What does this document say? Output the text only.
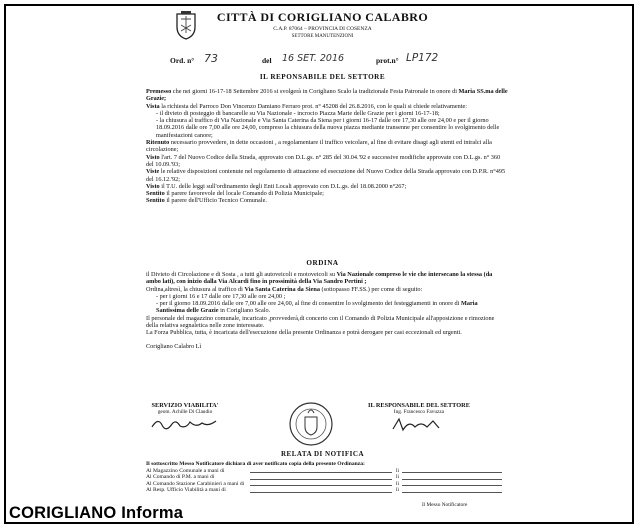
CITTÀ DI CORIGLIANO CALABRO
C.A.P. 87064 – PROVINCIA DI COSENZA
SETTORE MANUTENZIONI
Ord. n° 73	del 16 SET. 2016	prot.n° LP172
IL REPONSABILE DEL SETTORE

Premesso che nei giorni 16-17-18 Settembre 2016 si svolgerà in Corigliano Scalo la tradizionale Festa Patronale in onore di Maria SS.ma delle Grazie;

Vista la richiesta del Parroco Don Vincenzo Damiano Ferraro prot. n° 45208 del 26.8.2016, con le quali si chiede relativamente:

- il divieto di posteggio di bancarelle su Via Nazionale - incrocio Piazza Marie delle Grazie per i giorni 16-17-18;

- la chiusura al traffico di Via Nazionale e Via Santa Caterina da Siena per i giorni 16-17 dalle ore 17,30 alle ore 24,00 e per il giorno 18.09.2016 dalle ore 7,00 alle ore 24,00, compreso la chiusura della nuova piazza mediante transenne per consentire lo svolgimento delle manifestazioni canore;

Ritenuto necessario provvedere, in dette occasioni , a regolamentare il traffico veicolare, al fine di evitare disagi agli utenti ed intralci alla circolazione;

Visto l'art. 7 del Nuovo Codice della Strada, approvato con D.L.gs. n° 285 del 30.04.'92 e successive modifiche approvate con D.L.gs. n° 360 del 10.09.'93;

Viste le relative disposizioni contenute nel regolamento di attuazione ed esecuzione del Nuovo Codice della Strada approvato con D.P.R. n°495 del 16.12.'92;

Visto il T.U. delle leggi sull'ordinamento degli Enti Locali approvato con D.L.gs. del 18.08.2000 n°267;

Sentito il parere favorevole del locale Comando di Polizia Municipale;

Sentito il parere dell'Ufficio Tecnico Comunale.

ORDINA

il Divieto di Circolazione e di Sosta , a tutti gli autoveicoli e motoveicoli su Via Nazionale compreso le vie che intersecano la stessa (da ambo lati), con inizio dalla Via Alcardi fino in prossimità della Via Sandro Pertini ;

Ordina,altresì, la chiusura al traffico di Via Santa Caterina da Siena (sottopasso FF.SS.) per come di seguito:

- per i giorni 16 e 17 dalle ore 17,30 alle ore 24,00 ;

- per il giorno 18.09.2016 dalle ore 7,00 alle ore 24,00, al fine di consentire lo svolgimento dei festeggiamenti in onore di Maria Santissima delle Grazie in Corigliano Scalo.

Il personale del magazzino comunale, incaricato ,provvederà,di concerto con il Comando di Polizia Municipale all'apposizione e rimozione della relativa segnaletica nelle zone interessate.

La Forza Pubblica, tutta, è incaricata dell'esecuzione della presente Ordinanza e potrà derogare per casi eccezionali ed urgenti.

Corigliano Calabro Lì

SERVIZIO VIABILITA'
geom. Achille Di Claudio
IL RESPONSABILE DEL SETTORE
Ing. Francesco Favuzza
RELATA DI NOTIFICA
Il sottoscritto Messo Notificatore dichiara di aver notificato copia della presente Ordinanza:
Al Magazzino Comunale a mani di	lì
Al Comando di P.M. a mani di	lì
Al Comando Stazione Carabinieri a mani di	lì
Al Resp. Ufficio Viabilità a mani di	lì
Il Messo Notificatore
CORIGLIANO Informa
